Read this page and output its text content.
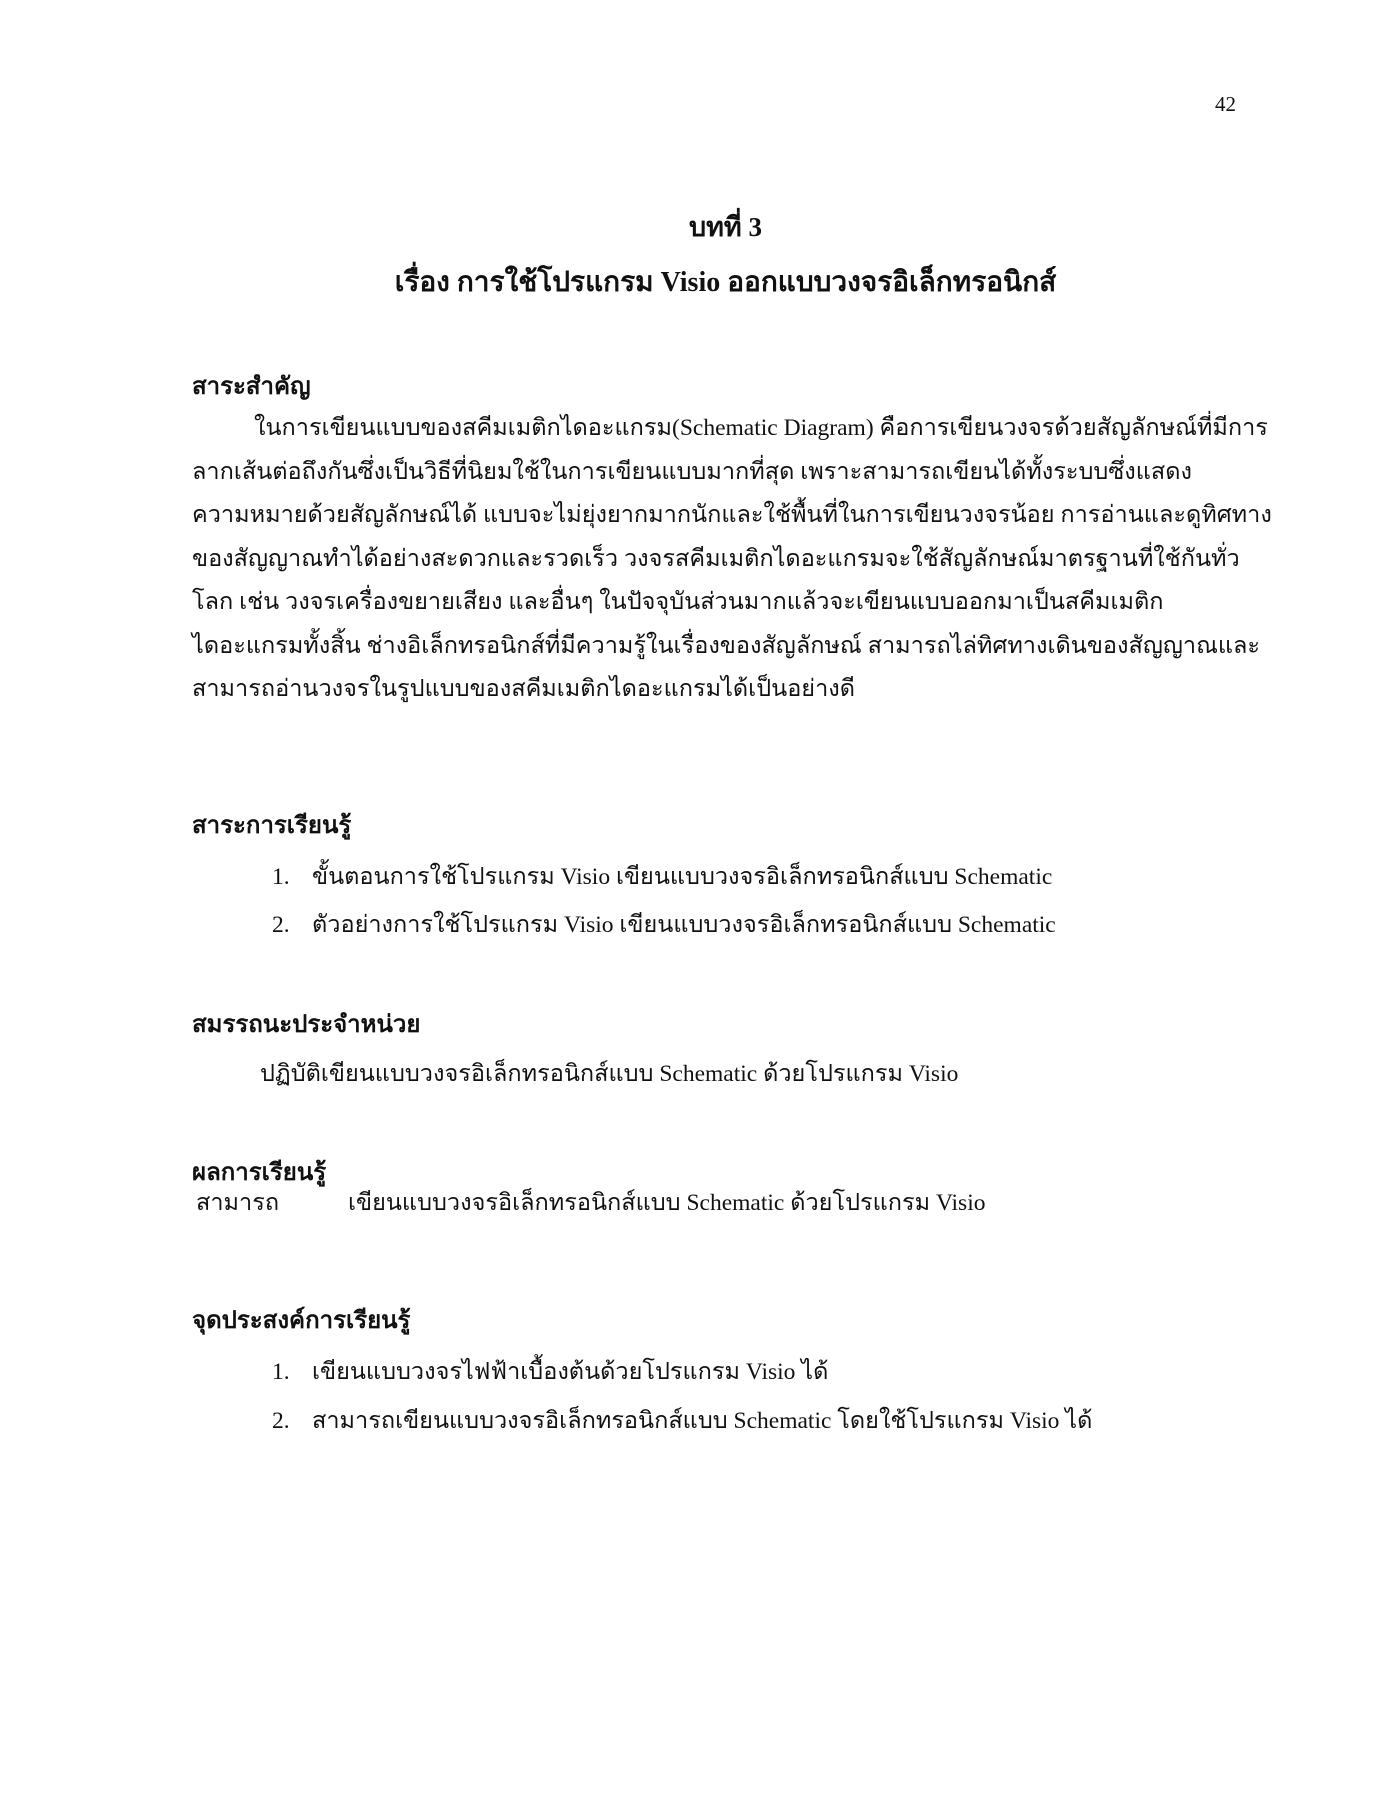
42
บทที่ 3
เรื่อง การใช้โปรแกรม Visio ออกแบบวงจรอิเล็กทรอนิกส์
สาระสำคัญ
ในการเขียนแบบของสคีมเมติกไดอะแกรม(Schematic Diagram) คือการเขียนวงจรด้วยสัญลักษณ์ที่มีการ
ลากเส้นต่อถึงกันซึ่งเป็นวิธีที่นิยมใช้ในการเขียนแบบมากที่สุด เพราะสามารถเขียนได้ทั้งระบบซึ่งแสดง
ความหมายด้วยสัญลักษณ์ได้ แบบจะไม่ยุ่งยากมากนักและใช้พื้นที่ในการเขียนวงจรน้อย การอ่านและดูทิศทาง
ของสัญญาณทำได้อย่างสะดวกและรวดเร็ว วงจรสคีมเมติกไดอะแกรมจะใช้สัญลักษณ์มาตรฐานที่ใช้กันทั่ว
โลก เช่น วงจรเครื่องขยายเสียง และอื่นๆ ในปัจจุบันส่วนมากแล้วจะเขียนแบบออกมาเป็นสคีมเมติก
ไดอะแกรมทั้งสิ้น ช่างอิเล็กทรอนิกส์ที่มีความรู้ในเรื่องของสัญลักษณ์ สามารถไล่ทิศทางเดินของสัญญาณและ
สามารถอ่านวงจรในรูปแบบของสคีมเมติกไดอะแกรมได้เป็นอย่างดี
สาระการเรียนรู้
1. ขั้นตอนการใช้โปรแกรม Visio เขียนแบบวงจรอิเล็กทรอนิกส์แบบ Schematic
2. ตัวอย่างการใช้โปรแกรม Visio เขียนแบบวงจรอิเล็กทรอนิกส์แบบ Schematic
สมรรถนะประจำหน่วย
ปฏิบัติเขียนแบบวงจรอิเล็กทรอนิกส์แบบ Schematic ด้วยโปรแกรม Visio
ผลการเรียนรู้
สามารถ	เขียนแบบวงจรอิเล็กทรอนิกส์แบบ Schematic ด้วยโปรแกรม Visio
จุดประสงค์การเรียนรู้
1. เขียนแบบวงจรไฟฟ้าเบื้องต้นด้วยโปรแกรม Visio ได้
2. สามารถเขียนแบบวงจรอิเล็กทรอนิกส์แบบ Schematic โดยใช้โปรแกรม Visio ได้
